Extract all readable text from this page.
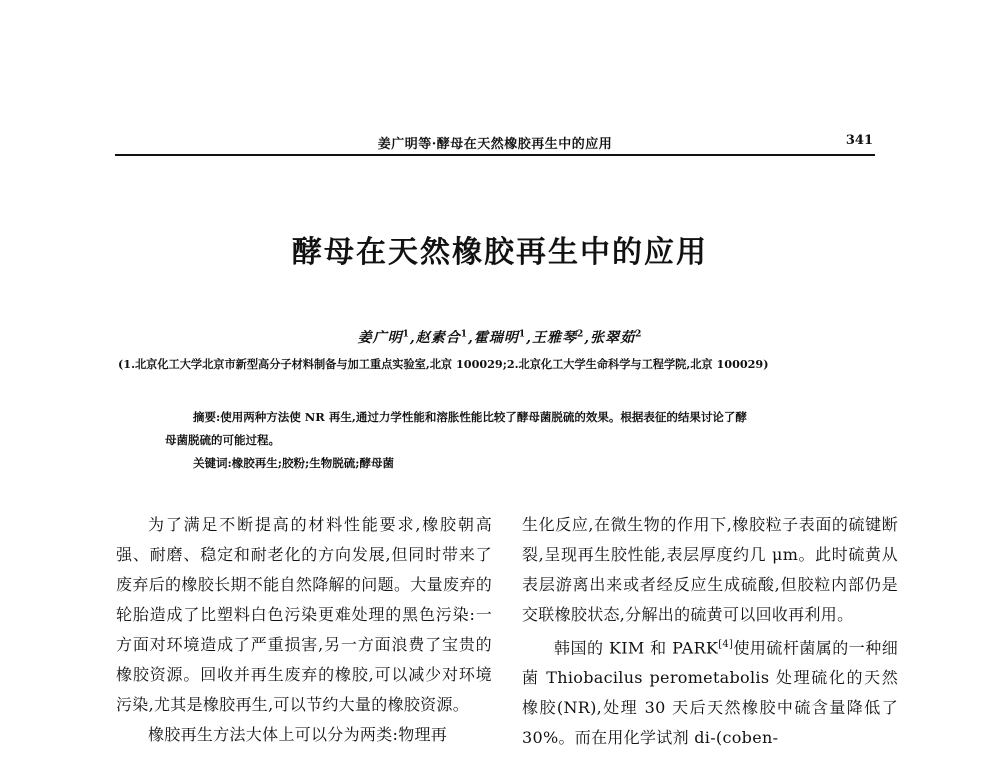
姜广明等·酵母在天然橡胶再生中的应用	341
酵母在天然橡胶再生中的应用
姜广明$^1$,赵素合$^1$,霍瑞明$^1$,王雅琴$^2$,张翠茹$^2$
(1.北京化工大学北京市新型高分子材料制备与加工重点实验室,北京 100029;2.北京化工大学生命科学与工程学院,北京 100029)

摘要:使用两种方法使 NR 再生,通过力学性能和溶胀性能比较了酵母菌脱硫的效果。根据表征的结果讨论了酵

母菌脱硫的可能过程。

关键词:橡胶再生;胶粉;生物脱硫;酵母菌

为了满足不断提高的材料性能要求,橡胶朝高强、耐磨、稳定和耐老化的方向发展,但同时带来了废弃后的橡胶长期不能自然降解的问题。大量废弃的轮胎造成了比塑料白色污染更难处理的黑色污染:一方面对环境造成了严重损害,另一方面浪费了宝贵的橡胶资源。回收并再生废弃的橡胶,可以减少对环境污染,尤其是橡胶再生,可以节约大量的橡胶资源。

橡胶再生方法大体上可以分为两类:物理再

生化反应,在微生物的作用下,橡胶粒子表面的硫键断裂,呈现再生胶性能,表层厚度约几 μm。此时硫黄从表层游离出来或者经反应生成硫酸,但胶粒内部仍是交联橡胶状态,分解出的硫黄可以回收再利用。

韩国的 KIM 和 PARK[4]使用硫杆菌属的一种细菌 Thiobacilus perometabolis 处理硫化的天然橡胶(NR),处理 30 天后天然橡胶中硫含量降低了 30%。而在用化学试剂 di-(coben-
